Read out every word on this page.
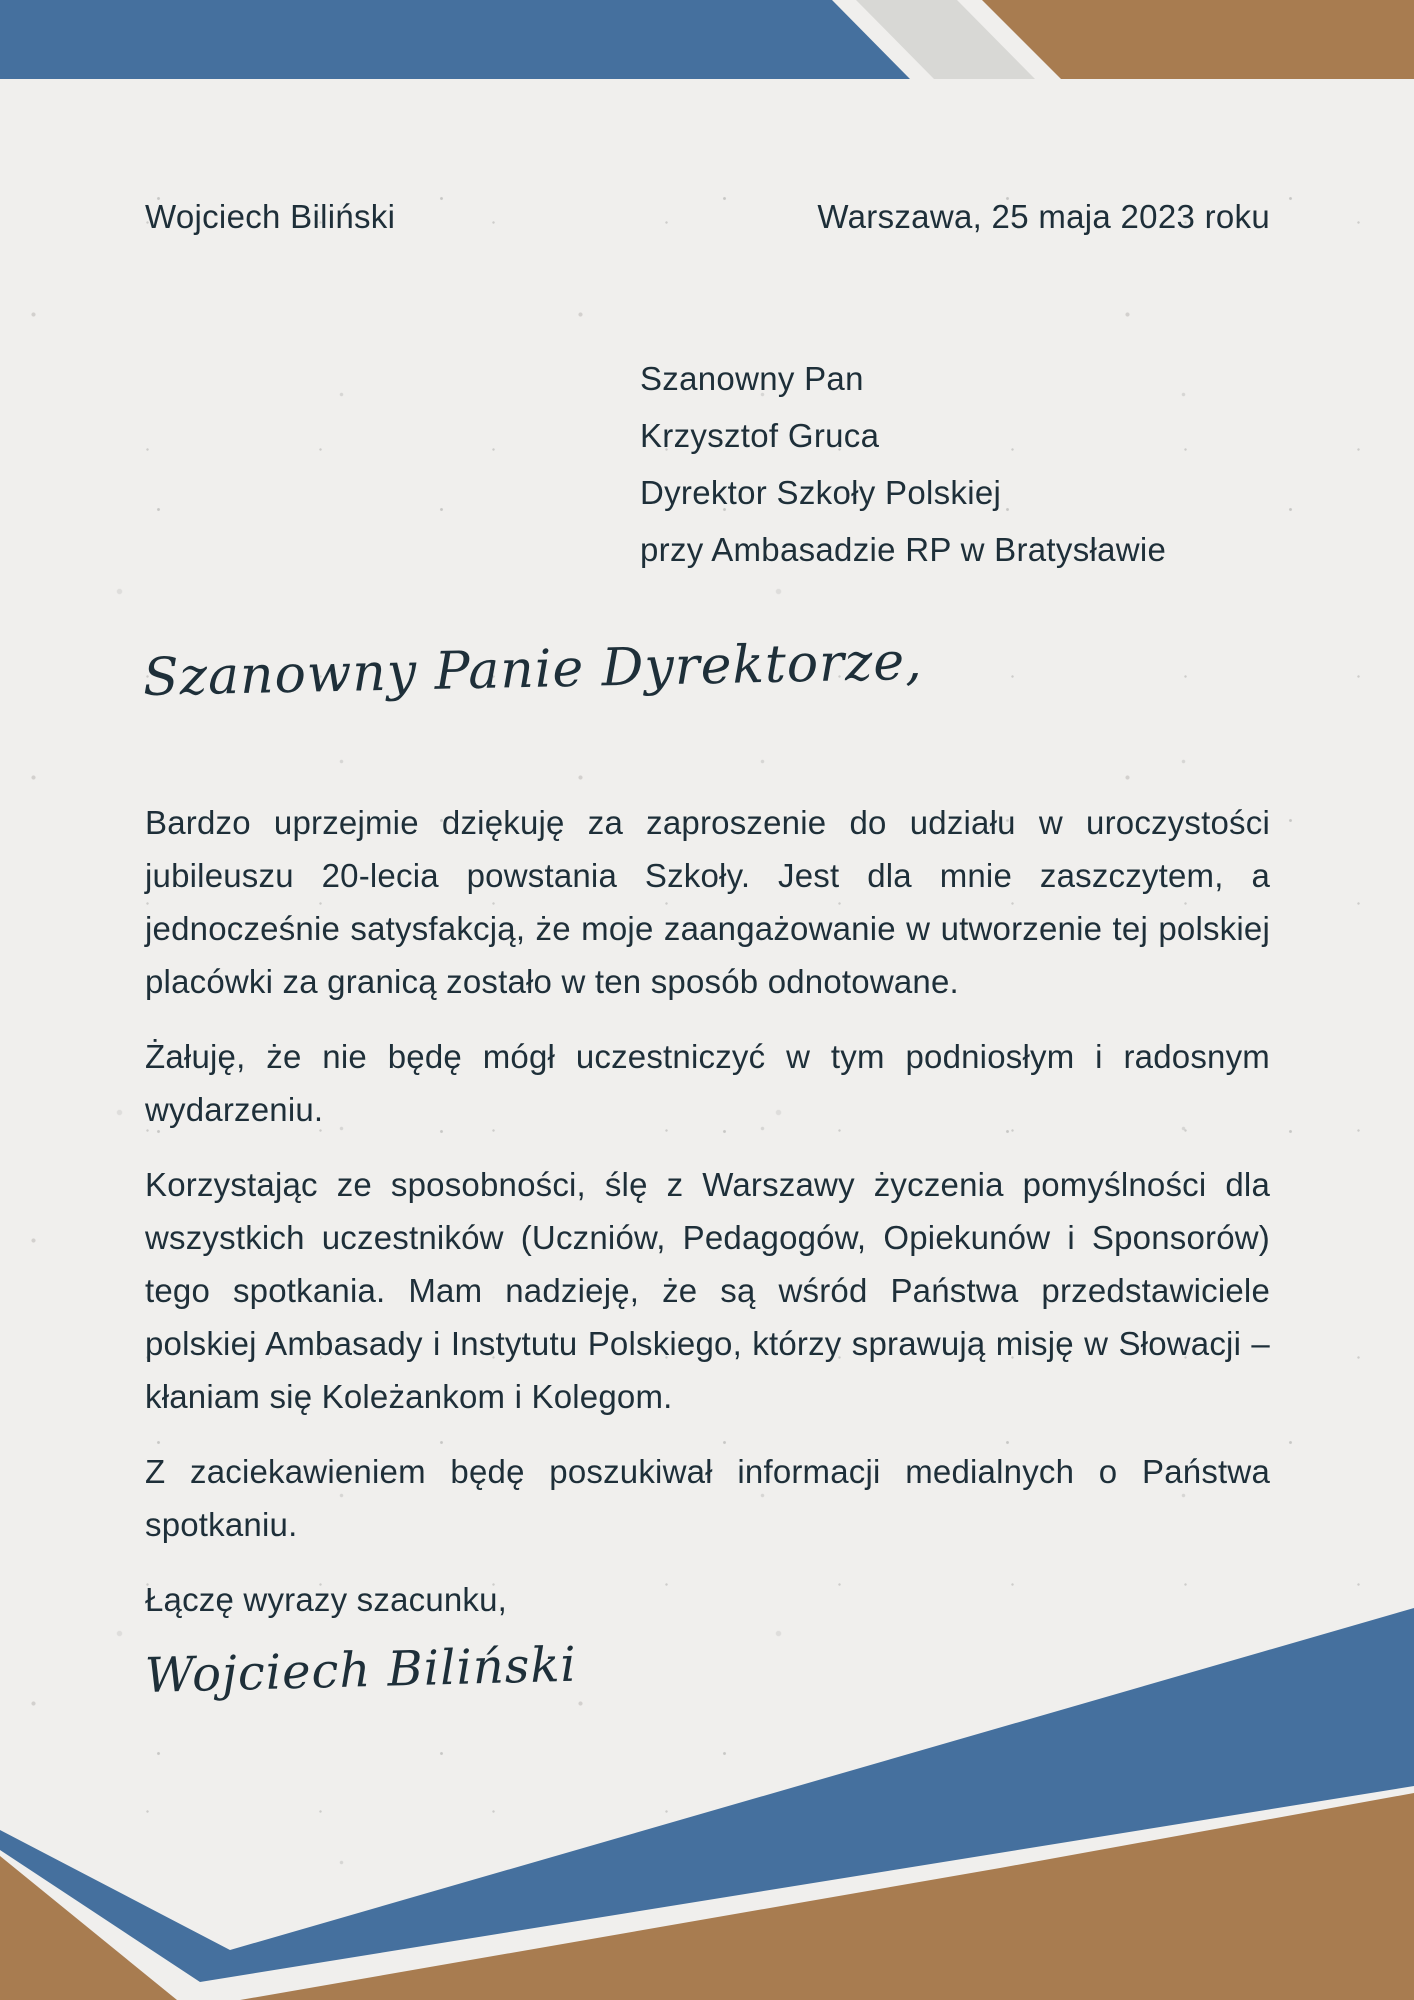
Wojciech Biliński	Warszawa, 25 maja 2023 roku
Szanowny Pan
Krzysztof Gruca
Dyrektor Szkoły Polskiej
przy Ambasadzie RP w Bratysławie
Szanowny Panie Dyrektorze,

Bardzo uprzejmie dziękuję za zaproszenie do udziału w uroczystości jubileuszu 20-lecia powstania Szkoły. Jest dla mnie zaszczytem, a jednocześnie satysfakcją, że moje zaangażowanie w utworzenie tej polskiej placówki za granicą zostało w ten sposób odnotowane.

Żałuję, że nie będę mógł uczestniczyć w tym podniosłym i radosnym wydarzeniu.

Korzystając ze sposobności, ślę z Warszawy życzenia pomyślności dla wszystkich uczestników (Uczniów, Pedagogów, Opiekunów i Sponsorów) tego spotkania. Mam nadzieję, że są wśród Państwa przedstawiciele polskiej Ambasady i Instytutu Polskiego, którzy sprawują misję w Słowacji – kłaniam się Koleżankom i Kolegom.

Z zaciekawieniem będę poszukiwał informacji medialnych o Państwa spotkaniu.

Łączę wyrazy szacunku,

Wojciech Biliński
